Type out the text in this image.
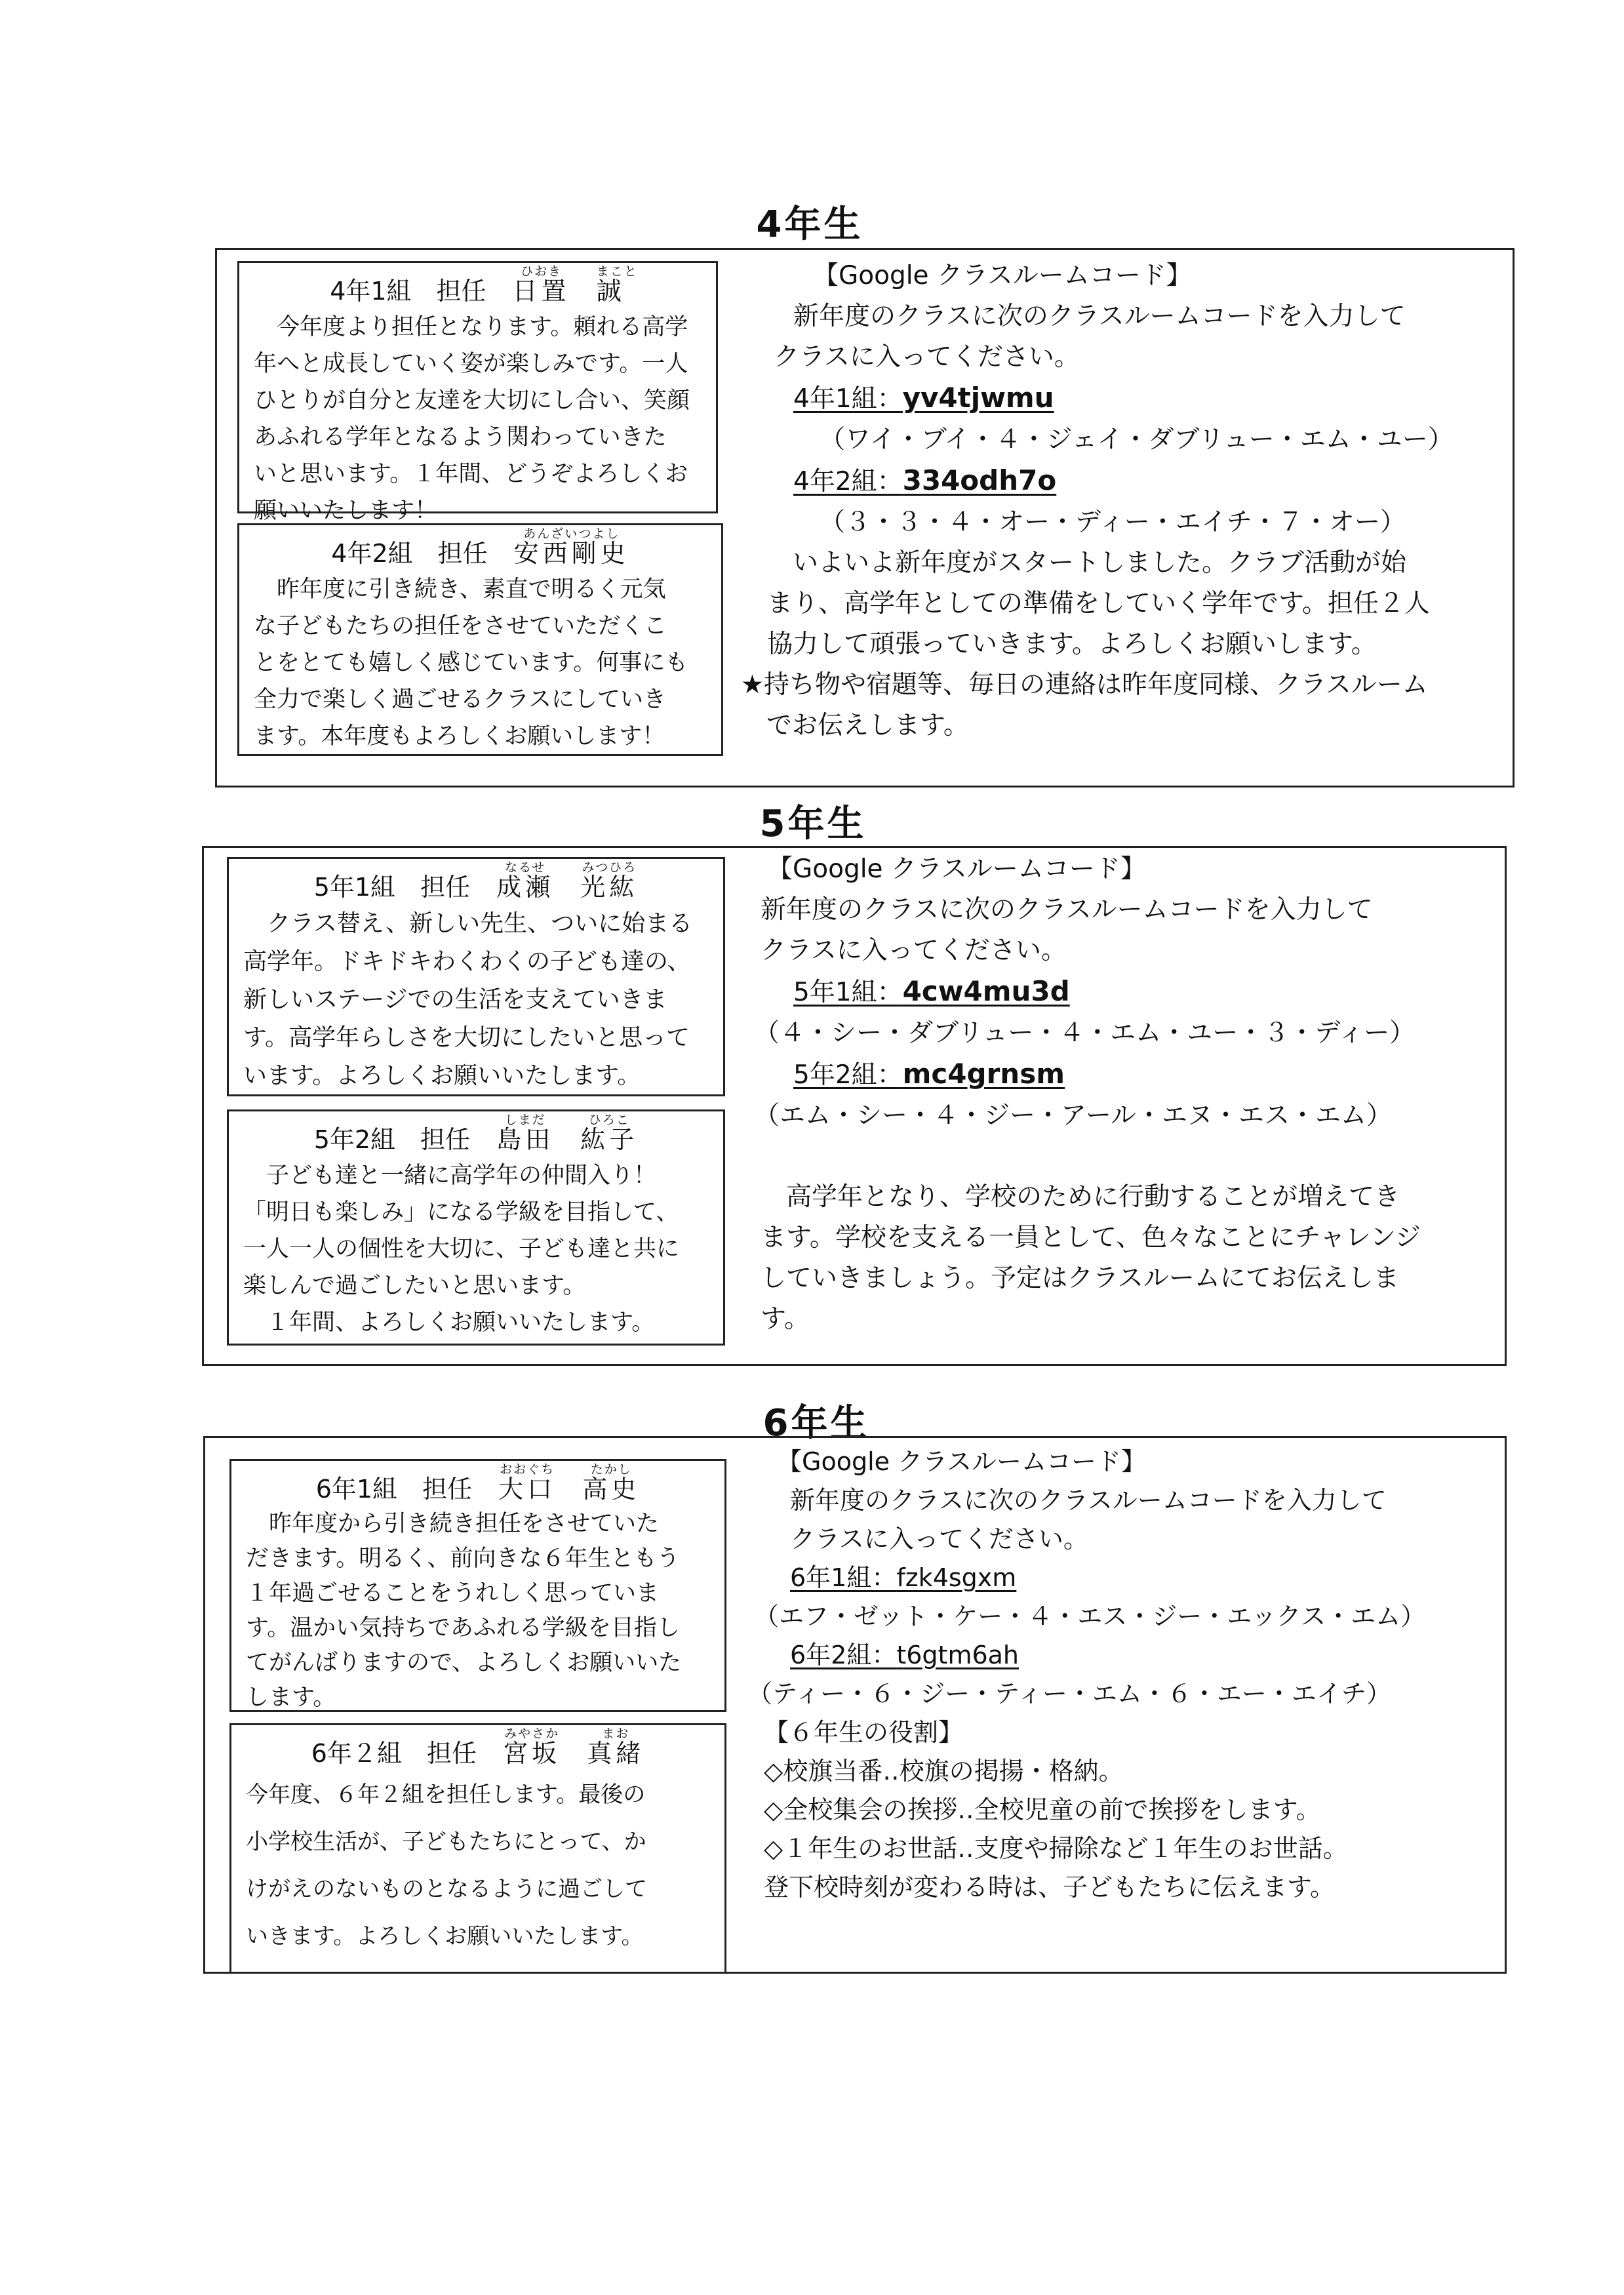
4年生
4年1組　担任
ひおき
日置
まこと
誠
　今年度より担任となります。頼れる高学
年へと成長していく姿が楽しみです。一人
ひとりが自分と友達を大切にし合い、笑顔
あふれる学年となるよう関わっていきた
いと思います。１年間、どうぞよろしくお
願いいたします！
4年2組　担任
あんざいつよし
安西剛史
　昨年度に引き続き、素直で明るく元気
な子どもたちの担任をさせていただくこ
とをとても嬉しく感じています。何事にも
全力で楽しく過ごせるクラスにしていき
ます。本年度もよろしくお願いします！
【Google クラスルームコード】
新年度のクラスに次のクラスルームコードを入力して
クラスに入ってください。
4年1組：yv4tjwmu
（ワイ・ブイ・４・ジェイ・ダブリュー・エム・ユー）
4年2組：334odh7o
（３・３・４・オー・ディー・エイチ・７・オー）
　いよいよ新年度がスタートしました。クラブ活動が始
まり、高学年としての準備をしていく学年です。担任２人
協力して頑張っていきます。よろしくお願いします。
★持ち物や宿題等、毎日の連絡は昨年度同様、クラスルーム
　でお伝えします。
5年生
5年1組　担任
なるせ
成瀬
みつひろ
光紘
　クラス替え、新しい先生、ついに始まる
高学年。ドキドキわくわくの子ども達の、
新しいステージでの生活を支えていきま
す。高学年らしさを大切にしたいと思って
います。よろしくお願いいたします。
5年2組　担任
しまだ
島田
ひろこ
紘子
　子ども達と一緒に高学年の仲間入り！
「明日も楽しみ」になる学級を目指して、
一人一人の個性を大切に、子ども達と共に
楽しんで過ごしたいと思います。
　１年間、よろしくお願いいたします。
【Google クラスルームコード】
新年度のクラスに次のクラスルームコードを入力して
クラスに入ってください。
5年1組：4cw4mu3d
（４・シー・ダブリュー・４・エム・ユー・３・ディー）
5年2組：mc4grnsm
（エム・シー・４・ジー・アール・エヌ・エス・エム）
　高学年となり、学校のために行動することが増えてき
ます。学校を支える一員として、色々なことにチャレンジ
していきましょう。予定はクラスルームにてお伝えしま
す。
6年生
6年1組　担任
おおぐち
大口
たかし
高史
　昨年度から引き続き担任をさせていた
だきます。明るく、前向きな６年生ともう
１年過ごせることをうれしく思っていま
す。温かい気持ちであふれる学級を目指し
てがんばりますので、よろしくお願いいた
します。
6年２組　担任
みやさか
宮坂
まお
真緒
今年度、６年２組を担任します。最後の
小学校生活が、子どもたちにとって、か
けがえのないものとなるように過ごして
いきます。よろしくお願いいたします。
【Google クラスルームコード】
新年度のクラスに次のクラスルームコードを入力して
クラスに入ってください。
6年1組：fzk4sgxm
（エフ・ゼット・ケー・４・エス・ジー・エックス・エム）
6年2組：t6gtm6ah
（ティー・６・ジー・ティー・エム・６・エー・エイチ）
【６年生の役割】
◇校旗当番‥校旗の掲揚・格納。
◇全校集会の挨拶‥全校児童の前で挨拶をします。
◇１年生のお世話‥支度や掃除など１年生のお世話。
登下校時刻が変わる時は、子どもたちに伝えます。
